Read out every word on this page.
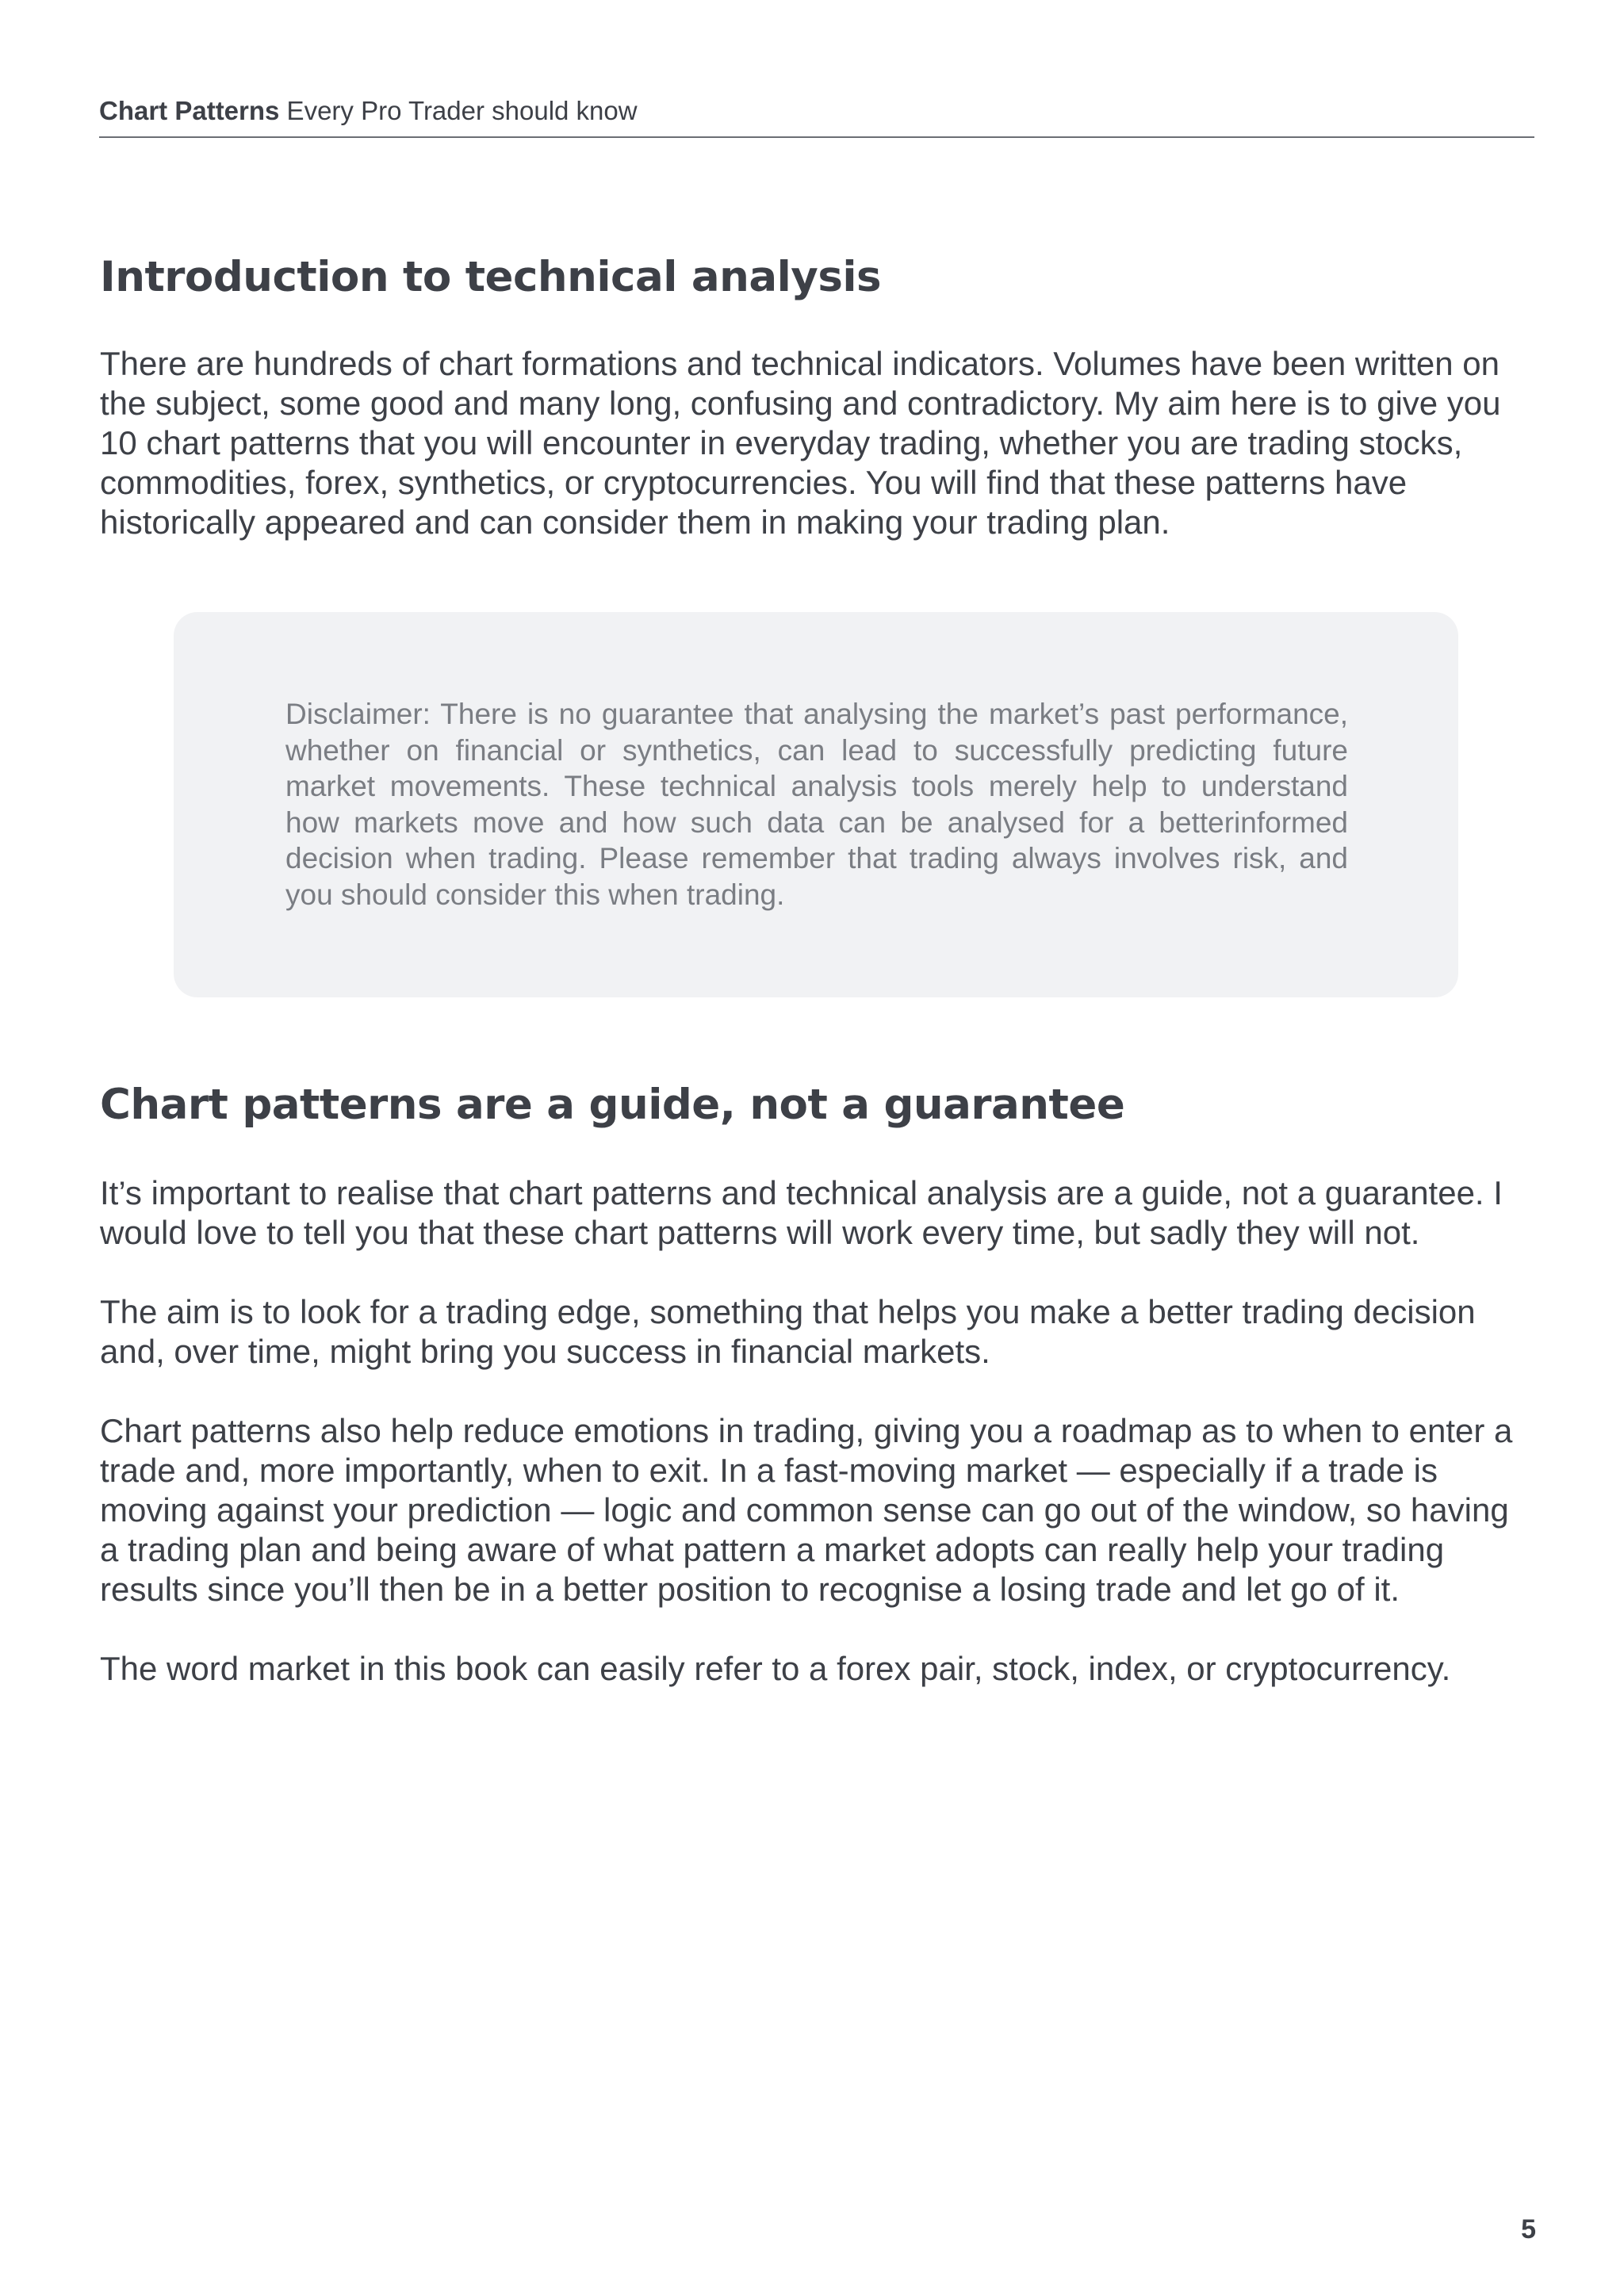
Chart Patterns Every Pro Trader should know
Introduction to technical analysis

There are hundreds of chart formations and technical indicators. Volumes have been written on the subject, some good and many long, confusing and contradictory. My aim here is to give you 10 chart patterns that you will encounter in everyday trading, whether you are trading stocks, commodities, forex, synthetics, or cryptocurrencies. You will find that these patterns have historically appeared and can consider them in making your trading plan.

Disclaimer: There is no guarantee that analysing the market’s past performance, whether on financial or synthetics, can lead to successfully predicting future market movements. These technical analysis tools merely help to understand how markets move and how such data can be analysed for a betterinformed decision when trading. Please remember that trading always involves risk, and you should consider this when trading.

Chart patterns are a guide, not a guarantee

It’s important to realise that chart patterns and technical analysis are a guide, not a guarantee. I would love to tell you that these chart patterns will work every time, but sadly they will not.

The aim is to look for a trading edge, something that helps you make a better trading decision and, over time, might bring you success in financial markets.

Chart patterns also help reduce emotions in trading, giving you a roadmap as to when to enter a trade and, more importantly, when to exit. In a fast-moving market — especially if a trade is moving against your prediction — logic and common sense can go out of the window, so having a trading plan and being aware of what pattern a market adopts can really help your trading results since you’ll then be in a better position to recognise a losing trade and let go of it.

The word market in this book can easily refer to a forex pair, stock, index, or cryptocurrency.

5
